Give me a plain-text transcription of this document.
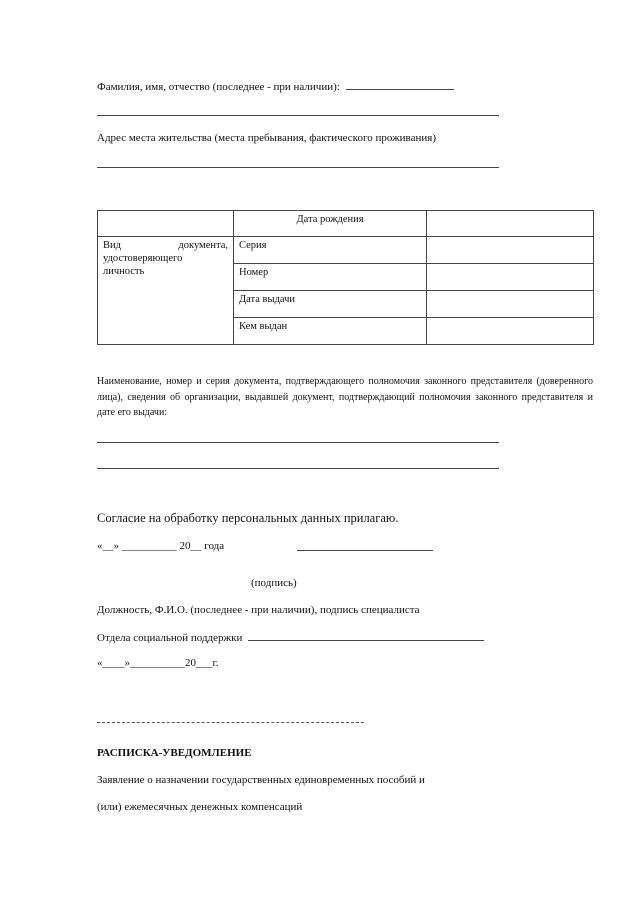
Фамилия, имя, отчество (последнее - при наличии):
Адрес места жительства (места пребывания, фактического проживания)
	Дата рождения	

Вид документа,
удостоверяющего
личность	Серия	
	Номер	
	Дата выдачи	
	Кем выдан	
Наименование, номер и серия документа, подтверждающего полномочия законного представителя (доверенного лица), сведения об организации, выдавшей документ, подтверждающий полномочия законного представителя и дате его выдачи:
Согласие на обработку персональных данных прилагаю.
«__» __________ 20__ года
(подпись)
Должность, Ф.И.О. (последнее - при наличии), подпись специалиста
Отдела социальной поддержки
«____»__________20___г.
РАСПИСКА-УВЕДОМЛЕНИЕ
Заявление о назначении государственных единовременных пособий и
(или) ежемесячных денежных компенсаций
